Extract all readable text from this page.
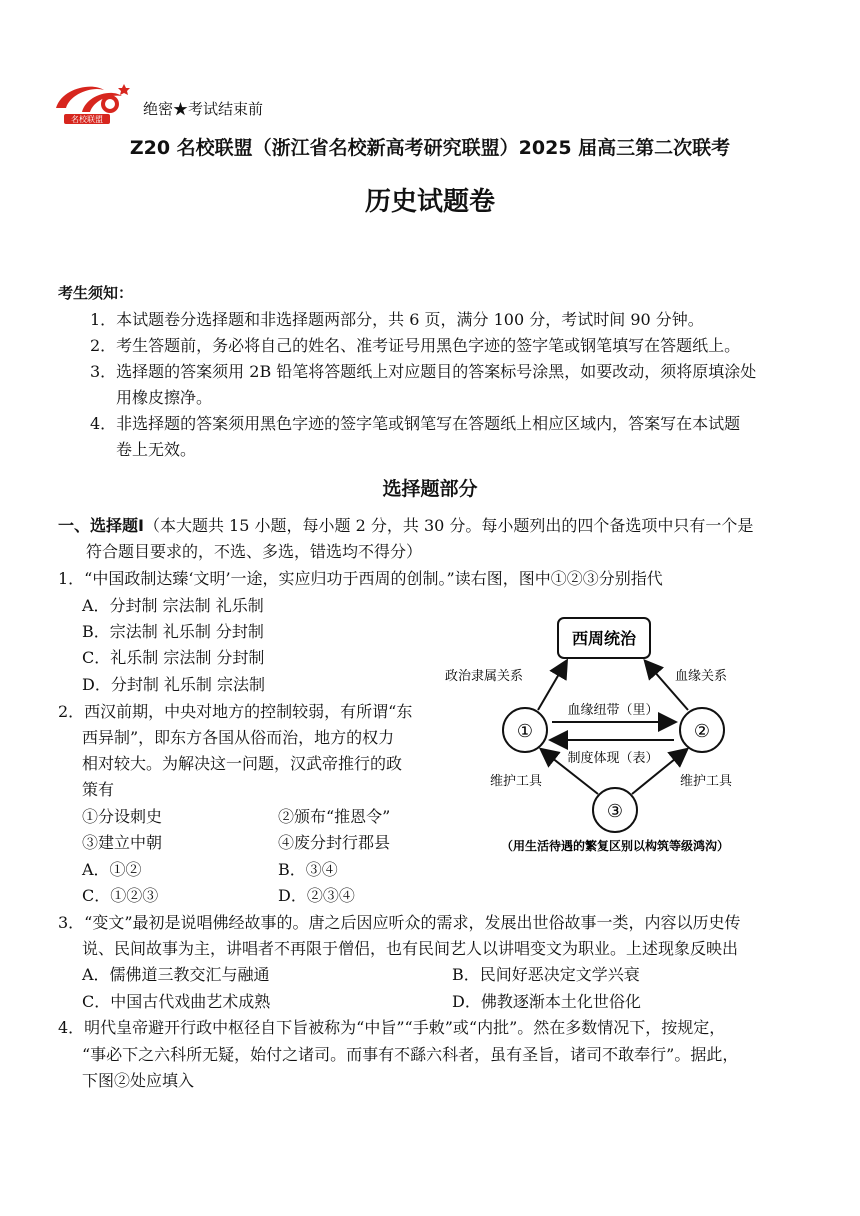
名校联盟
绝密★考试结束前
Z20 名校联盟（浙江省名校新高考研究联盟）2025 届高三第二次联考
历史试题卷
考生须知：
1．本试题卷分选择题和非选择题两部分，共 6 页，满分 100 分，考试时间 90 分钟。
2．考生答题前，务必将自己的姓名、准考证号用黑色字迹的签字笔或钢笔填写在答题纸上。
3．选择题的答案须用 2B 铅笔将答题纸上对应题目的答案标号涂黑，如要改动，须将原填涂处
用橡皮擦净。
4．非选择题的答案须用黑色字迹的签字笔或钢笔写在答题纸上相应区域内，答案写在本试题
卷上无效。
选择题部分
一、选择题Ⅰ（本大题共 15 小题，每小题 2 分，共 30 分。每小题列出的四个备选项中只有一个是
符合题目要求的，不选、多选，错选均不得分）
1．“中国政制达臻‘文明’一途，实应归功于西周的创制。”读右图，图中①②③分别指代
A．分封制 宗法制 礼乐制
B．宗法制 礼乐制 分封制
C．礼乐制 宗法制 分封制
D．分封制 礼乐制 宗法制
西周统治
①	②
③
政治隶属关系	血缘关系
血缘纽带（里）
制度体现（表）
维护工具	维护工具
（用生活待遇的繁复区别以构筑等级鸿沟）
2．西汉前期，中央对地方的控制较弱，有所谓“东
西异制”，即东方各国从俗而治，地方的权力
相对较大。为解决这一问题，汉武帝推行的政
策有
①分设刺史	②颁布“推恩令”
③建立中朝	④废分封行郡县
A．①②	B．③④
C．①②③	D．②③④
3．“变文”最初是说唱佛经故事的。唐之后因应听众的需求，发展出世俗故事一类，内容以历史传
说、民间故事为主，讲唱者不再限于僧侣，也有民间艺人以讲唱变文为职业。上述现象反映出
A．儒佛道三教交汇与融通	B．民间好恶决定文学兴衰
C．中国古代戏曲艺术成熟	D．佛教逐渐本土化世俗化
4．明代皇帝避开行政中枢径自下旨被称为“中旨”“手敕”或“内批”。然在多数情况下，按规定，
“事必下之六科所无疑，始付之诸司。而事有不繇六科者，虽有圣旨，诸司不敢奉行”。据此，
下图②处应填入
